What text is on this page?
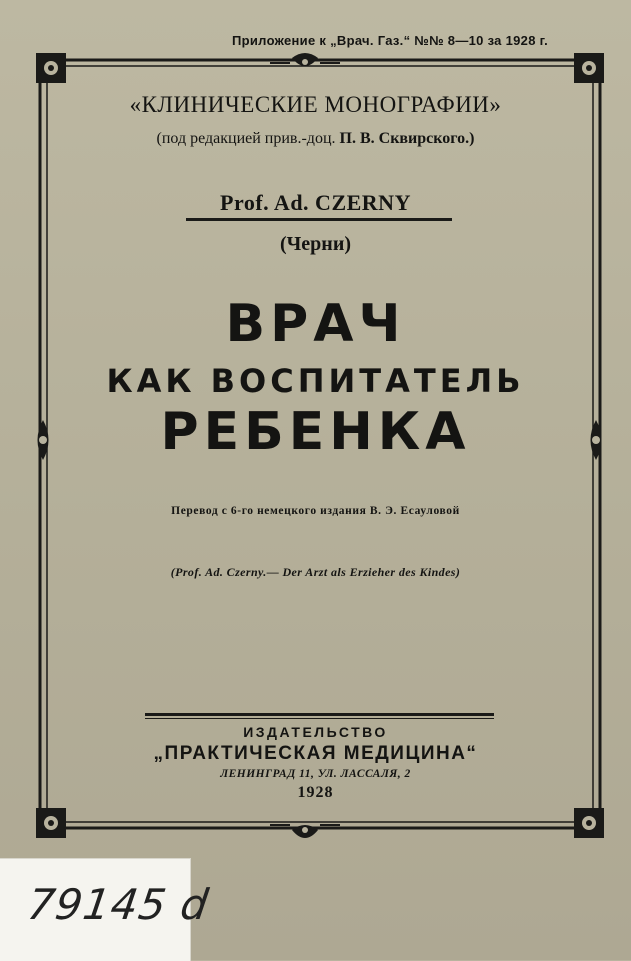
Приложение к „Врач. Газ.“ №№ 8—10 за 1928 г.
«КЛИНИЧЕСКИЕ МОНОГРАФИИ»
(под редакцией прив.-доц. П. В. Сквирского.)
Prof. Ad. CZERNY
(Черни)
ВРАЧ
КАК ВОСПИТАТЕЛЬ
РЕБЕНКА
Перевод с 6-го немецкого издания В. Э. Есауловой
(Prof. Ad. Czerny.— Der Arzt als Erzieher des Kindes)
ИЗДАТЕЛЬСТВО
„ПРАКТИЧЕСКАЯ МЕДИЦИНА“
ЛЕНИНГРАД 11, УЛ. ЛАССАЛЯ, 2
1928
79145 d
